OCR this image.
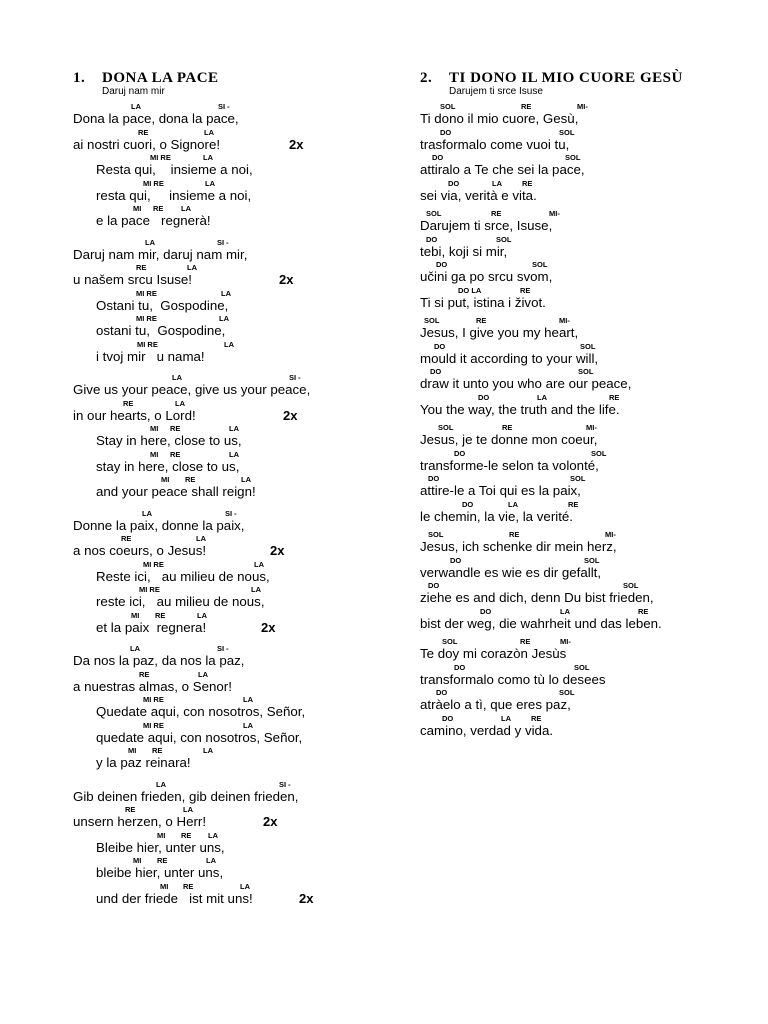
1. DONA LA PACE
Daruj nam mir
LA	SI -
Dona la pace, dona la pace,
RE	LA
ai nostri cuori, o Signore!	2x
MI RE	LA
Resta qui,    insieme a noi,
MI RE	LA
resta qui,     insieme a noi,
MI RE LA
e la pace   regnerà!
LA	SI -
Daruj nam mir, daruj nam mir,
RE	LA
u našem srcu Isuse!	2x
MI RE	LA
Ostani tu,  Gospodine,
MI RE	LA
ostani tu,  Gospodine,
MI RE	LA
i tvoj mir   u nama!
LA	SI -
Give us your peace, give us your peace,
RE	LA
in our hearts, o Lord!	2x
MI RE	LA
Stay in here, close to us,
MI RE	LA
stay in here, close to us,
MI RE	LA
and your peace shall reign!
LA	SI -
Donne la paix, donne la paix,
RE	LA
a nos coeurs, o Jesus!	2x
MI RE	LA
Reste ici,   au milieu de nous,
MI RE	LA
reste ici,   au milieu de nous,
MI RE	LA
et la paix  regnera!	2x
LA	SI -
Da nos la paz, da nos la paz,
RE	LA
a nuestras almas, o Senor!
MI RE	LA
Quedate aqui, con nosotros, Señor,
MI RE	LA
quedate aqui, con nosotros, Señor,
MI RE	LA
y la paz reinara!
LA	SI -
Gib deinen frieden, gib deinen frieden,
RE	LA
unsern herzen, o Herr!	2x
MI RE LA
Bleibe hier, unter uns,
MI RE	LA
bleibe hier, unter uns,
MI RE	LA
und der friede   ist mit uns!	2x
2. TI DONO IL MIO CUORE GESÙ
Darujem ti srce Isuse
SOL	RE	MI-
Ti dono il mio cuore, Gesù,
DO	SOL
trasformalo come vuoi tu,
DO	SOL
attiralo a Te che sei la pace,
DO	LA	RE
sei via, verità e vita.
SOL	RE	MI-
Darujem ti srce, Isuse,
DO	SOL
tebi, koji si mir,
DO	SOL
učini ga po srcu svom,
DO LA	RE
Ti si put, istina i život.
SOL	RE	MI-
Jesus, I give you my heart,
DO	SOL
mould it according to your will,
DO	SOL
draw it unto you who are our peace,
DO	LA	RE
You the way, the truth and the life.
SOL	RE	MI-
Jesus, je te donne mon coeur,
DO	SOL
transforme-le selon ta volonté,
DO	SOL
attire-le a Toi qui es la paix,
DO	LA	RE
le chemin, la vie, la verité.
SOL	RE	MI-
Jesus, ich schenke dir mein herz,
DO	SOL
verwandle es wie es dir gefallt,
DO	SOL
ziehe es and dich, denn Du bist frieden,
DO	LA	RE
bist der weg, die wahrheit und das leben.
SOL	RE	MI-
Te doy mi corazòn Jesùs
DO	SOL
transformalo como tù lo desees
DO	SOL
atràelo a tì, que eres paz,
DO	LA	RE
camino, verdad y vida.
